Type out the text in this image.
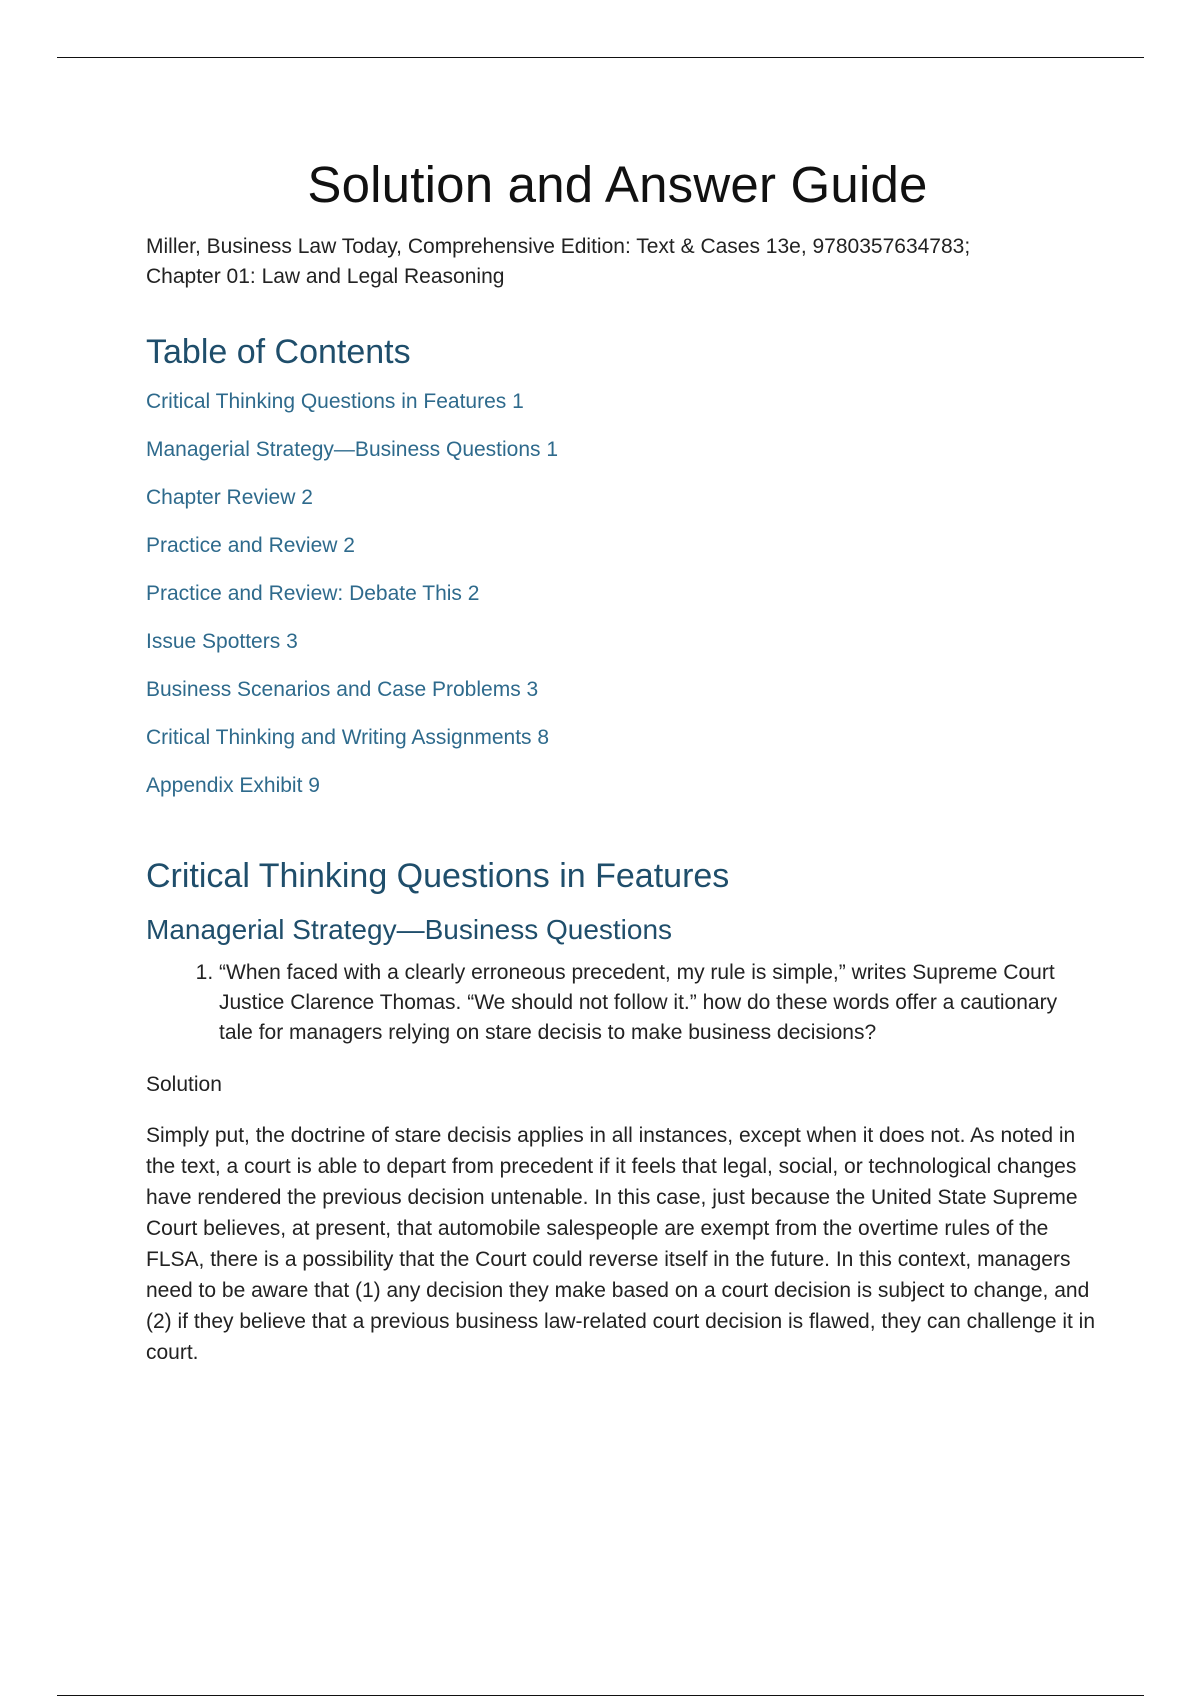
Solution and Answer Guide
Miller, Business Law Today, Comprehensive Edition: Text & Cases 13e, 9780357634783;
Chapter 01: Law and Legal Reasoning
Table of Contents
Critical Thinking Questions in Features 1
Managerial Strategy—Business Questions 1
Chapter Review 2
Practice and Review 2
Practice and Review: Debate This 2
Issue Spotters 3
Business Scenarios and Case Problems 3
Critical Thinking and Writing Assignments 8
Appendix Exhibit 9
Critical Thinking Questions in Features
Managerial Strategy—Business Questions
1. “When faced with a clearly erroneous precedent, my rule is simple,” writes Supreme Court Justice Clarence Thomas. “We should not follow it.” how do these words offer a cautionary tale for managers relying on stare decisis to make business decisions?

Solution

Simply put, the doctrine of stare decisis applies in all instances, except when it does not. As noted in the text, a court is able to depart from precedent if it feels that legal, social, or technological changes have rendered the previous decision untenable. In this case, just because the United State Supreme Court believes, at present, that automobile salespeople are exempt from the overtime rules of the FLSA, there is a possibility that the Court could reverse itself in the future. In this context, managers need to be aware that (1) any decision they make based on a court decision is subject to change, and (2) if they believe that a previous business law-related court decision is flawed, they can challenge it in court.
